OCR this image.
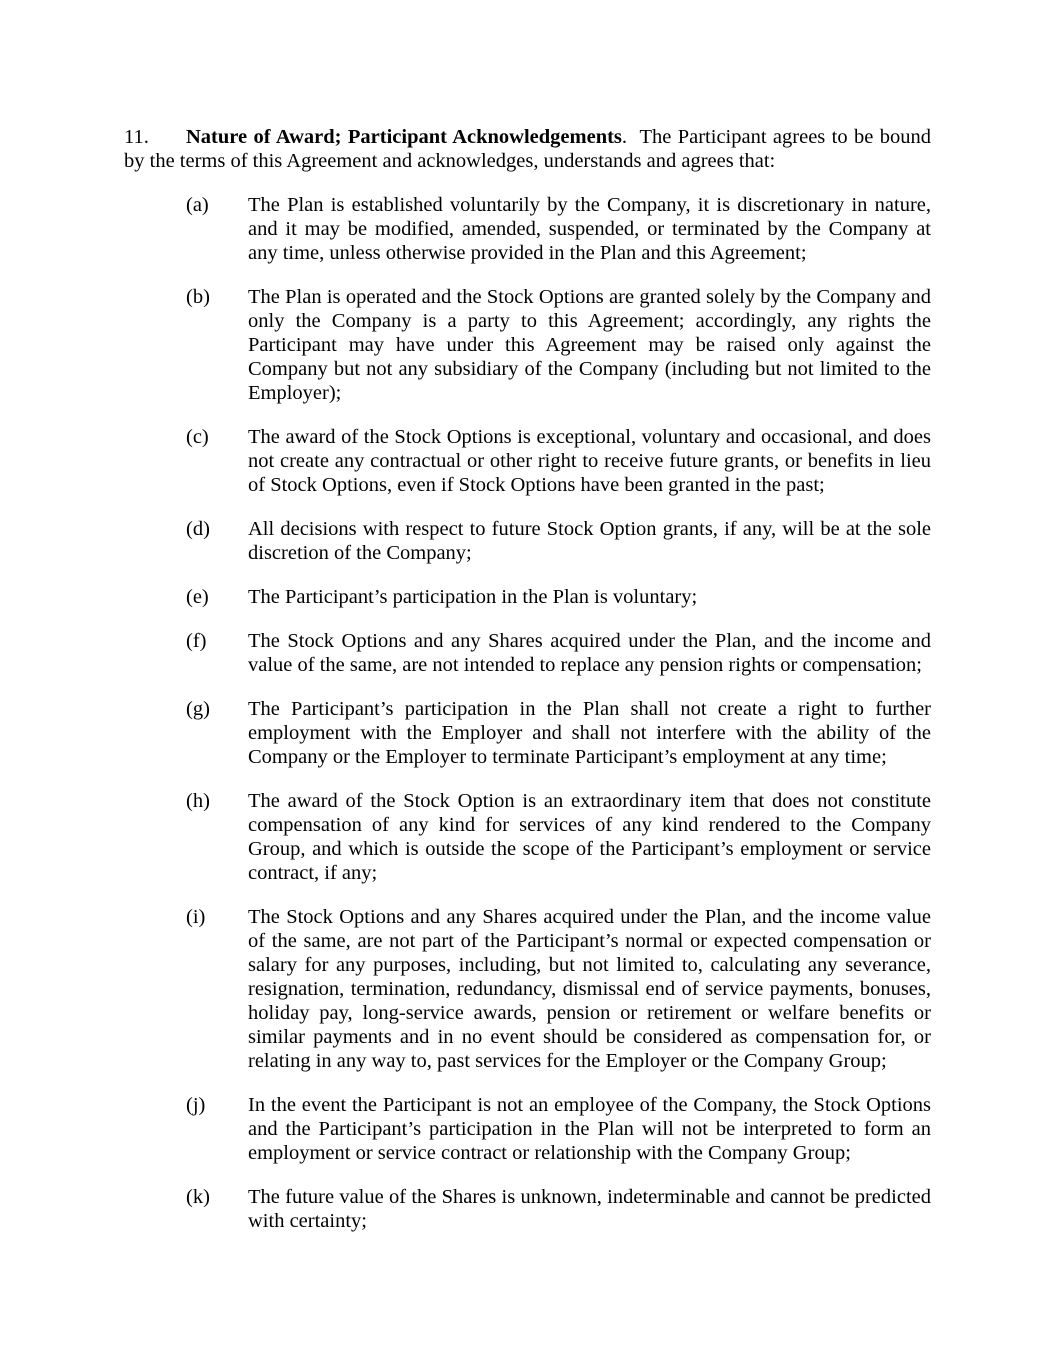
11. Nature of Award; Participant Acknowledgements. The Participant agrees to be bound by the terms of this Agreement and acknowledges, understands and agrees that:

(a) The Plan is established voluntarily by the Company, it is discretionary in nature, and it may be modified, amended, suspended, or terminated by the Company at any time, unless otherwise provided in the Plan and this Agreement;
(b) The Plan is operated and the Stock Options are granted solely by the Company and only the Company is a party to this Agreement; accordingly, any rights the Participant may have under this Agreement may be raised only against the Company but not any subsidiary of the Company (including but not limited to the Employer);
(c) The award of the Stock Options is exceptional, voluntary and occasional, and does not create any contractual or other right to receive future grants, or benefits in lieu of Stock Options, even if Stock Options have been granted in the past;
(d) All decisions with respect to future Stock Option grants, if any, will be at the sole discretion of the Company;
(e) The Participant’s participation in the Plan is voluntary;
(f) The Stock Options and any Shares acquired under the Plan, and the income and value of the same, are not intended to replace any pension rights or compensation;
(g) The Participant’s participation in the Plan shall not create a right to further employment with the Employer and shall not interfere with the ability of the Company or the Employer to terminate Participant’s employment at any time;
(h) The award of the Stock Option is an extraordinary item that does not constitute compensation of any kind for services of any kind rendered to the Company Group, and which is outside the scope of the Participant’s employment or service contract, if any;
(i) The Stock Options and any Shares acquired under the Plan, and the income value of the same, are not part of the Participant’s normal or expected compensation or salary for any purposes, including, but not limited to, calculating any severance, resignation, termination, redundancy, dismissal end of service payments, bonuses, holiday pay, long-service awards, pension or retirement or welfare benefits or similar payments and in no event should be considered as compensation for, or relating in any way to, past services for the Employer or the Company Group;
(j) In the event the Participant is not an employee of the Company, the Stock Options and the Participant’s participation in the Plan will not be interpreted to form an employment or service contract or relationship with the Company Group;
(k) The future value of the Shares is unknown, indeterminable and cannot be predicted with certainty;
